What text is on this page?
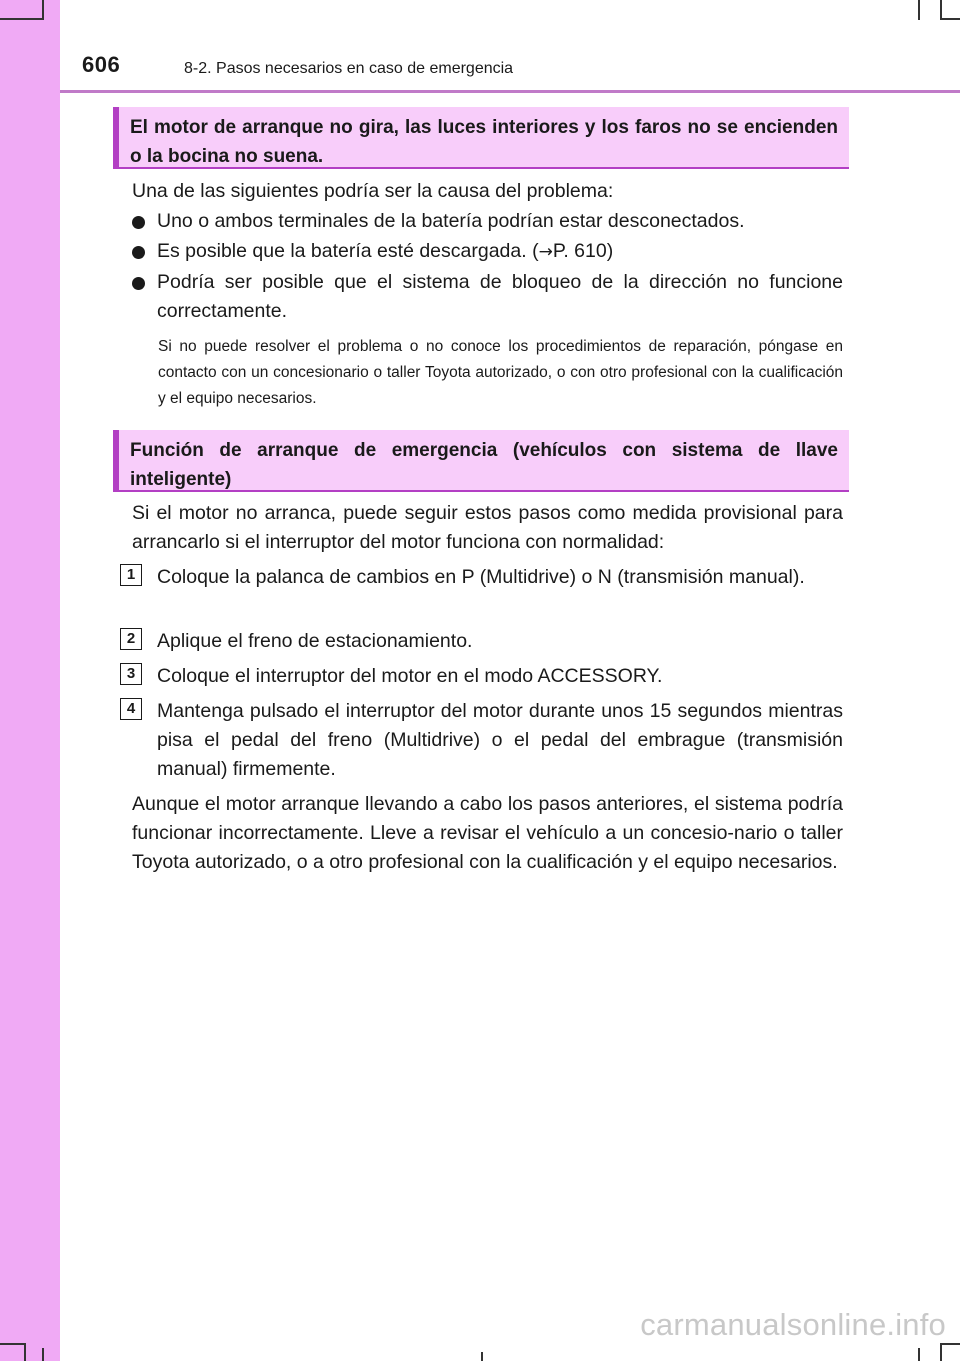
606	8-2. Pasos necesarios en caso de emergencia
El motor de arranque no gira, las luces interiores y los faros no se encienden o la bocina no suena.
Una de las siguientes podría ser la causa del problema:
Uno o ambos terminales de la batería podrían estar desconectados.
Es posible que la batería esté descargada. (→P. 610)
Podría ser posible que el sistema de bloqueo de la dirección no funcione correctamente.
Si no puede resolver el problema o no conoce los procedimientos de reparación, póngase en contacto con un concesionario o taller Toyota autorizado, o con otro profesional con la cualificación y el equipo necesarios.
Función de arranque de emergencia (vehículos con sistema de llave inteligente)
Si el motor no arranca, puede seguir estos pasos como medida provisional para arrancarlo si el interruptor del motor funciona con normalidad:
1	Coloque la palanca de cambios en P (Multidrive) o N (transmisión manual).
2	Aplique el freno de estacionamiento.
3	Coloque el interruptor del motor en el modo ACCESSORY.
4	Mantenga pulsado el interruptor del motor durante unos 15 segundos mientras pisa el pedal del freno (Multidrive) o el pedal del embrague (transmisión manual) firmemente.
Aunque el motor arranque llevando a cabo los pasos anteriores, el sistema podría funcionar incorrectamente. Lleve a revisar el vehículo a un concesio-nario o taller Toyota autorizado, o a otro profesional con la cualificación y el equipo necesarios.
carmanualsonline.info
